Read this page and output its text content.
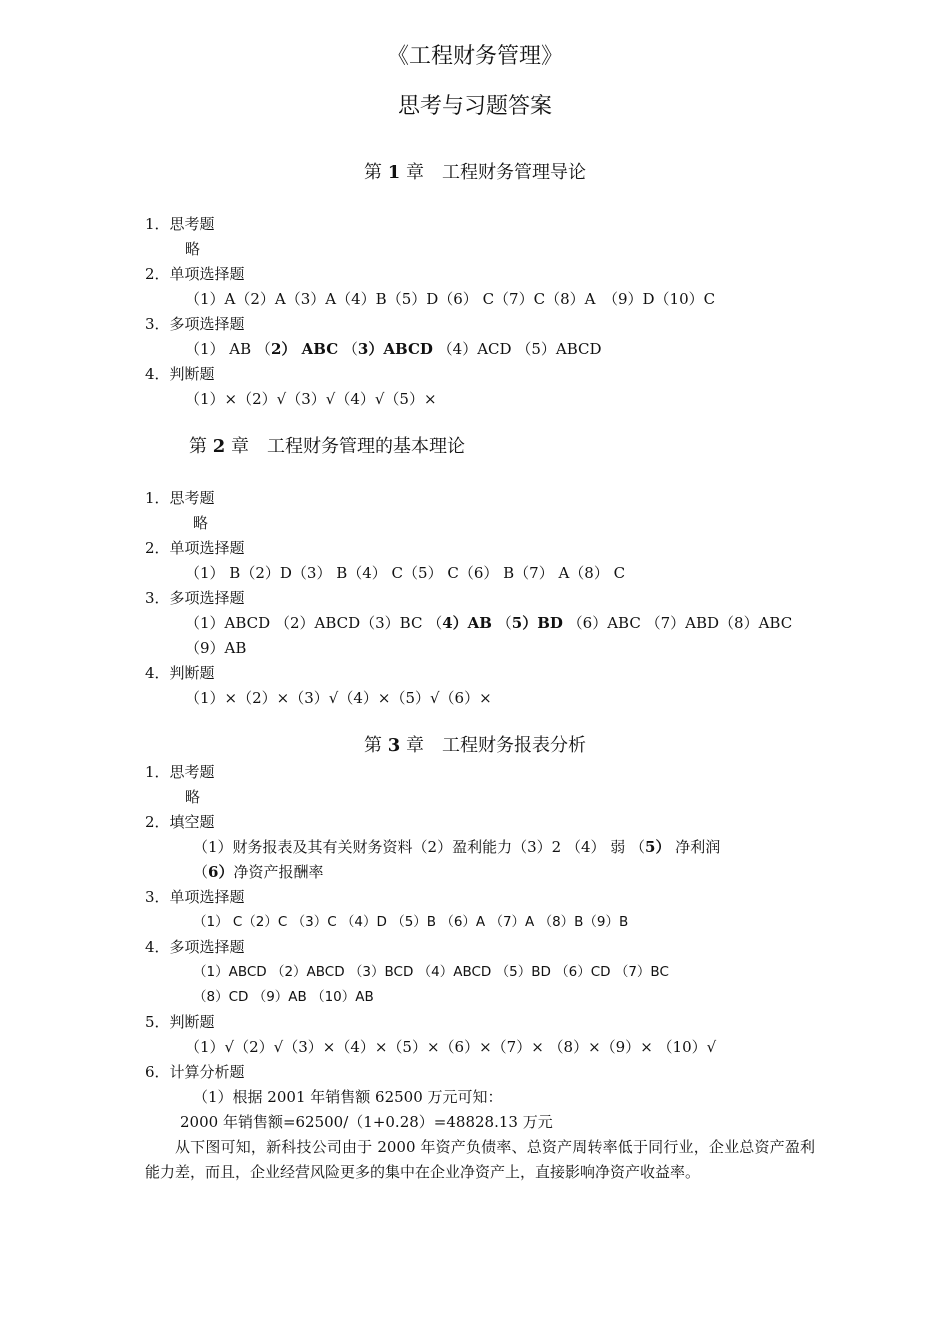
《工程财务管理》
思考与习题答案
第 1 章　工程财务管理导论
1．思考题
略
2．单项选择题
（1）A（2）A（3）A（4）B（5）D（6） C（7）C（8）A　（9）D（10）C
3．多项选择题
（1） AB （2） ABC （3）ABCD （4）ACD （5）ABCD
4．判断题
（1）×（2）√（3）√（4）√（5）×
第 2 章　工程财务管理的基本理论
1．思考题
略
2．单项选择题
（1） B（2）D（3） B（4） C（5） C（6） B（7） A（8） C
3．多项选择题
（1）ABCD （2）ABCD（3）BC （4）AB （5）BD （6）ABC （7）ABD（8）ABC
（9）AB
4．判断题
（1）×（2）×（3）√（4）×（5）√（6）×
第 3 章　工程财务报表分析
1．思考题
略
2．填空题
（1）财务报表及其有关财务资料（2）盈利能力（3）2 （4） 弱 （5） 净利润
（6）净资产报酬率
3．单项选择题
（1） C（2）C （3）C （4）D （5）B （6）A （7）A （8）B（9）B
4．多项选择题
（1）ABCD （2）ABCD （3）BCD （4）ABCD （5）BD （6）CD （7）BC
（8）CD （9）AB （10）AB
5．判断题
（1）√（2）√（3）×（4）×（5）×（6）×（7）× （8）×（9）× （10）√
6．计算分析题
（1）根据 2001 年销售额 62500 万元可知：
2000 年销售额=62500/（1+0.28）=48828.13 万元
从下图可知，新科技公司由于 2000 年资产负债率、总资产周转率低于同行业，企业总资产盈利能力差，而且，企业经营风险更多的集中在企业净资产上，直接影响净资产收益率。
